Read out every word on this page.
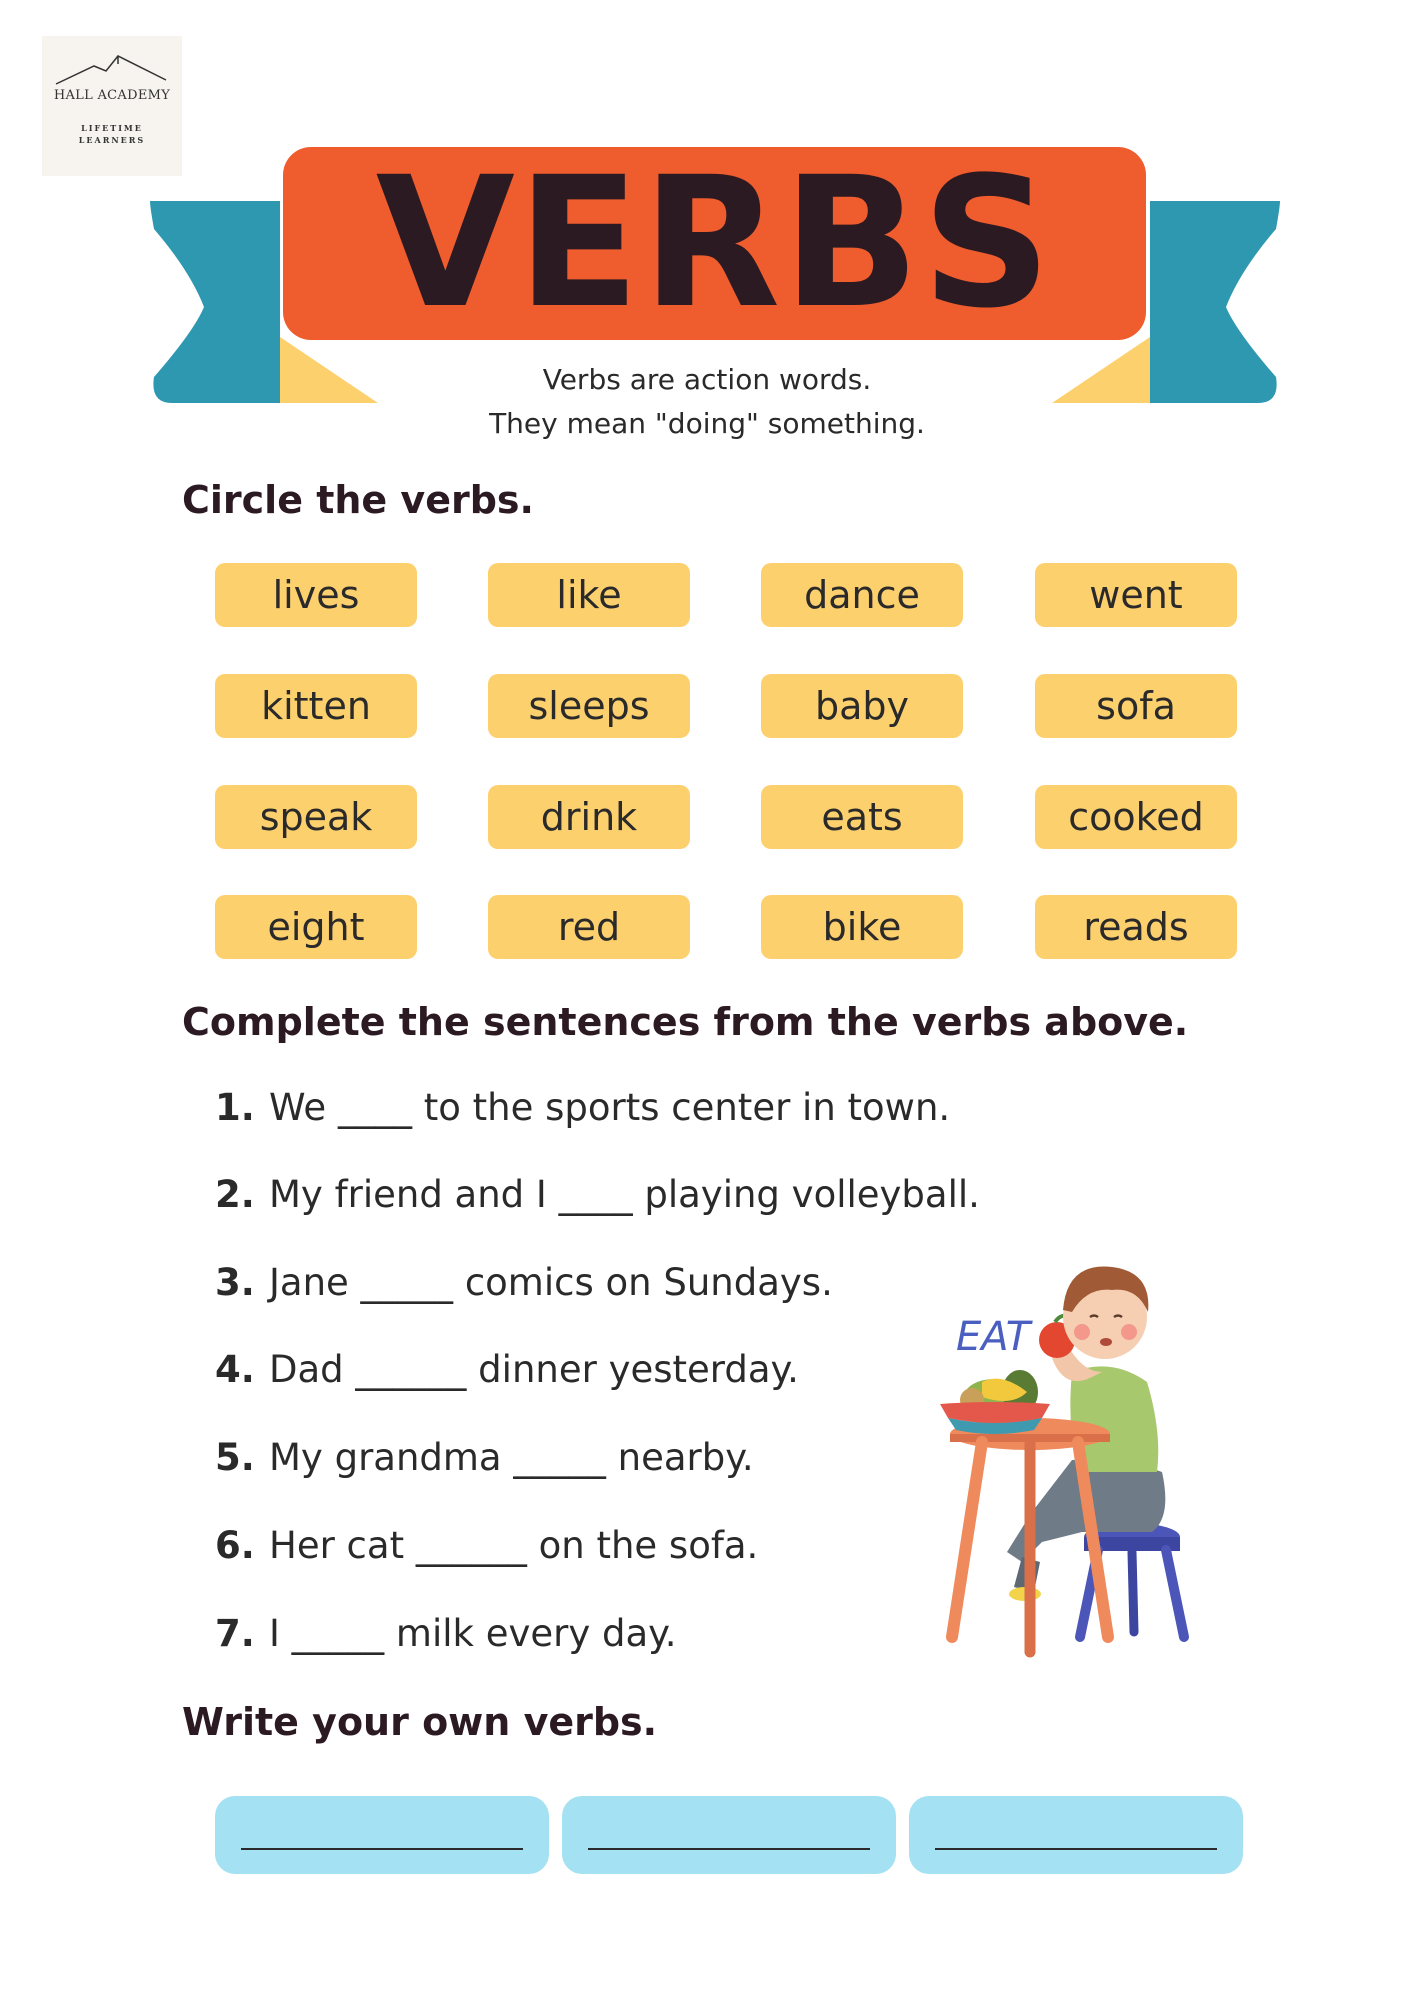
HALL ACADEMY
LIFETIME
LEARNERS	VERBS
Verbs are action words.
They mean "doing" something.
Circle the verbs.
lives	like	dance	went
kitten	sleeps	baby	sofa
speak	drink	eats	cooked
eight	red	bike	reads
Complete the sentences from the verbs above.
1. We ____ to the sports center in town.
2. My friend and I ____ playing volleyball.
3. Jane _____ comics on Sundays.
4. Dad ______ dinner yesterday.
5. My grandma _____ nearby.
6. Her cat ______ on the sofa.
7. I _____ milk every day.
EAT
Write your own verbs.
